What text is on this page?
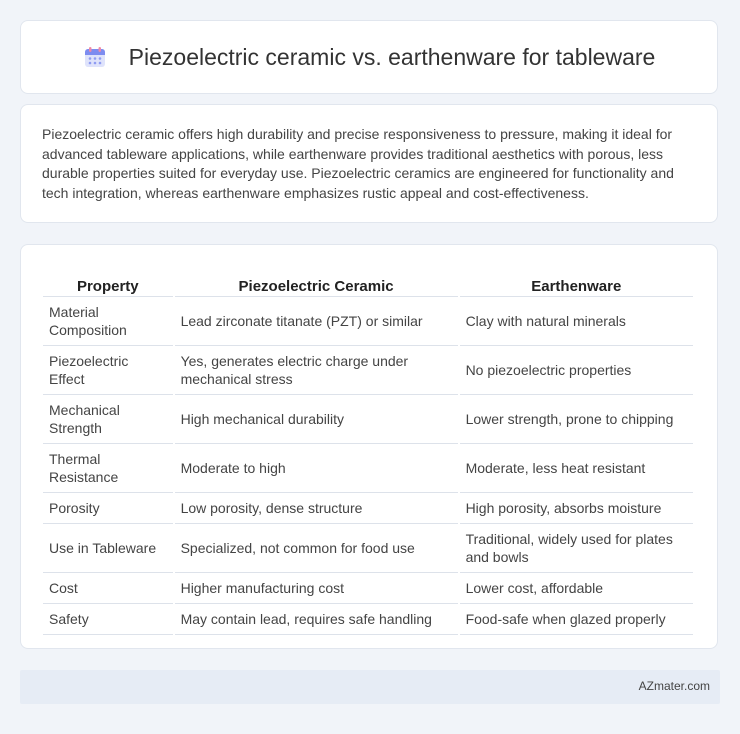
Piezoelectric ceramic vs. earthenware for tableware

Piezoelectric ceramic offers high durability and precise responsiveness to pressure, making it ideal for advanced tableware applications, while earthenware provides traditional aesthetics with porous, less durable properties suited for everyday use. Piezoelectric ceramics are engineered for functionality and tech integration, whereas earthenware emphasizes rustic appeal and cost-effectiveness.

Property	Piezoelectric Ceramic	Earthenware
Material Composition	Lead zirconate titanate (PZT) or similar	Clay with natural minerals
Piezoelectric Effect	Yes, generates electric charge under mechanical stress	No piezoelectric properties
Mechanical Strength	High mechanical durability	Lower strength, prone to chipping
Thermal Resistance	Moderate to high	Moderate, less heat resistant
Porosity	Low porosity, dense structure	High porosity, absorbs moisture
Use in Tableware	Specialized, not common for food use	Traditional, widely used for plates and bowls
Cost	Higher manufacturing cost	Lower cost, affordable
Safety	May contain lead, requires safe handling	Food-safe when glazed properly
AZmater.com
